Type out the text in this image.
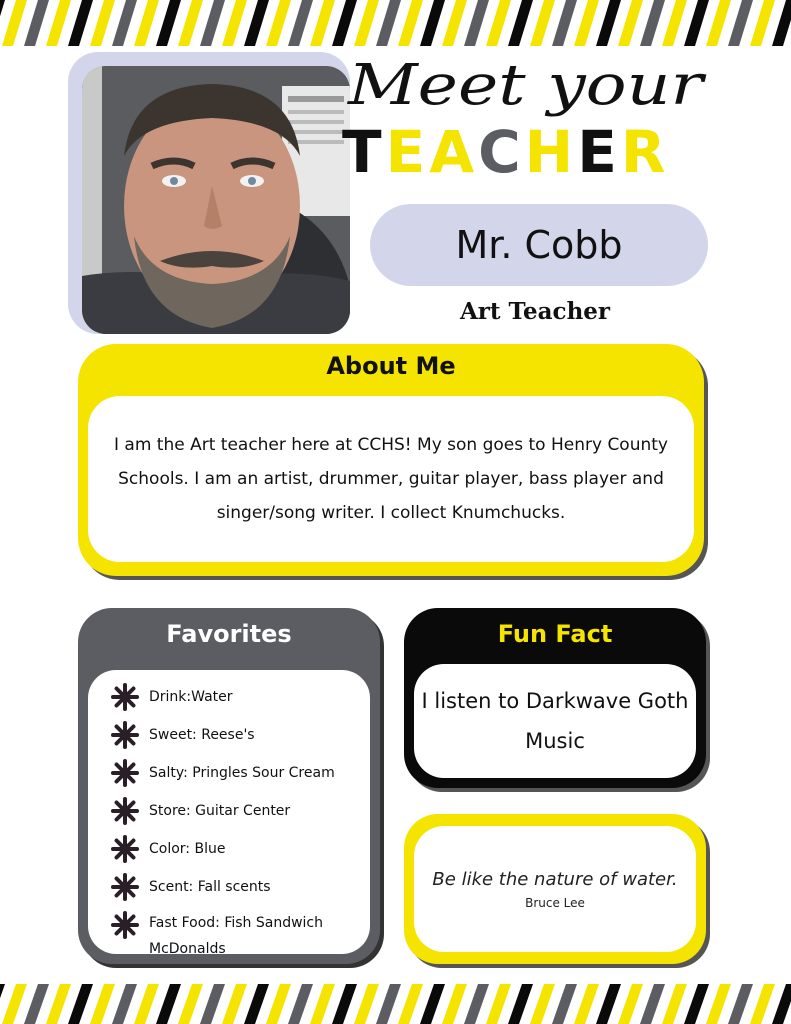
Meet your
TEACHER
Mr. Cobb
Art Teacher
About Me
I am the Art teacher here at CCHS! My son goes to Henry County Schools. I am an artist, drummer, guitar player, bass player and singer/song writer. I collect Knumchucks.
Favorites
Drink:Water
Sweet: Reese's
Salty: Pringles Sour Cream
Store: Guitar Center
Color: Blue
Scent: Fall scents
Fast Food: Fish Sandwich McDonalds
Fun Fact
I listen to Darkwave Goth Music
Be like the nature of water.
Bruce Lee
